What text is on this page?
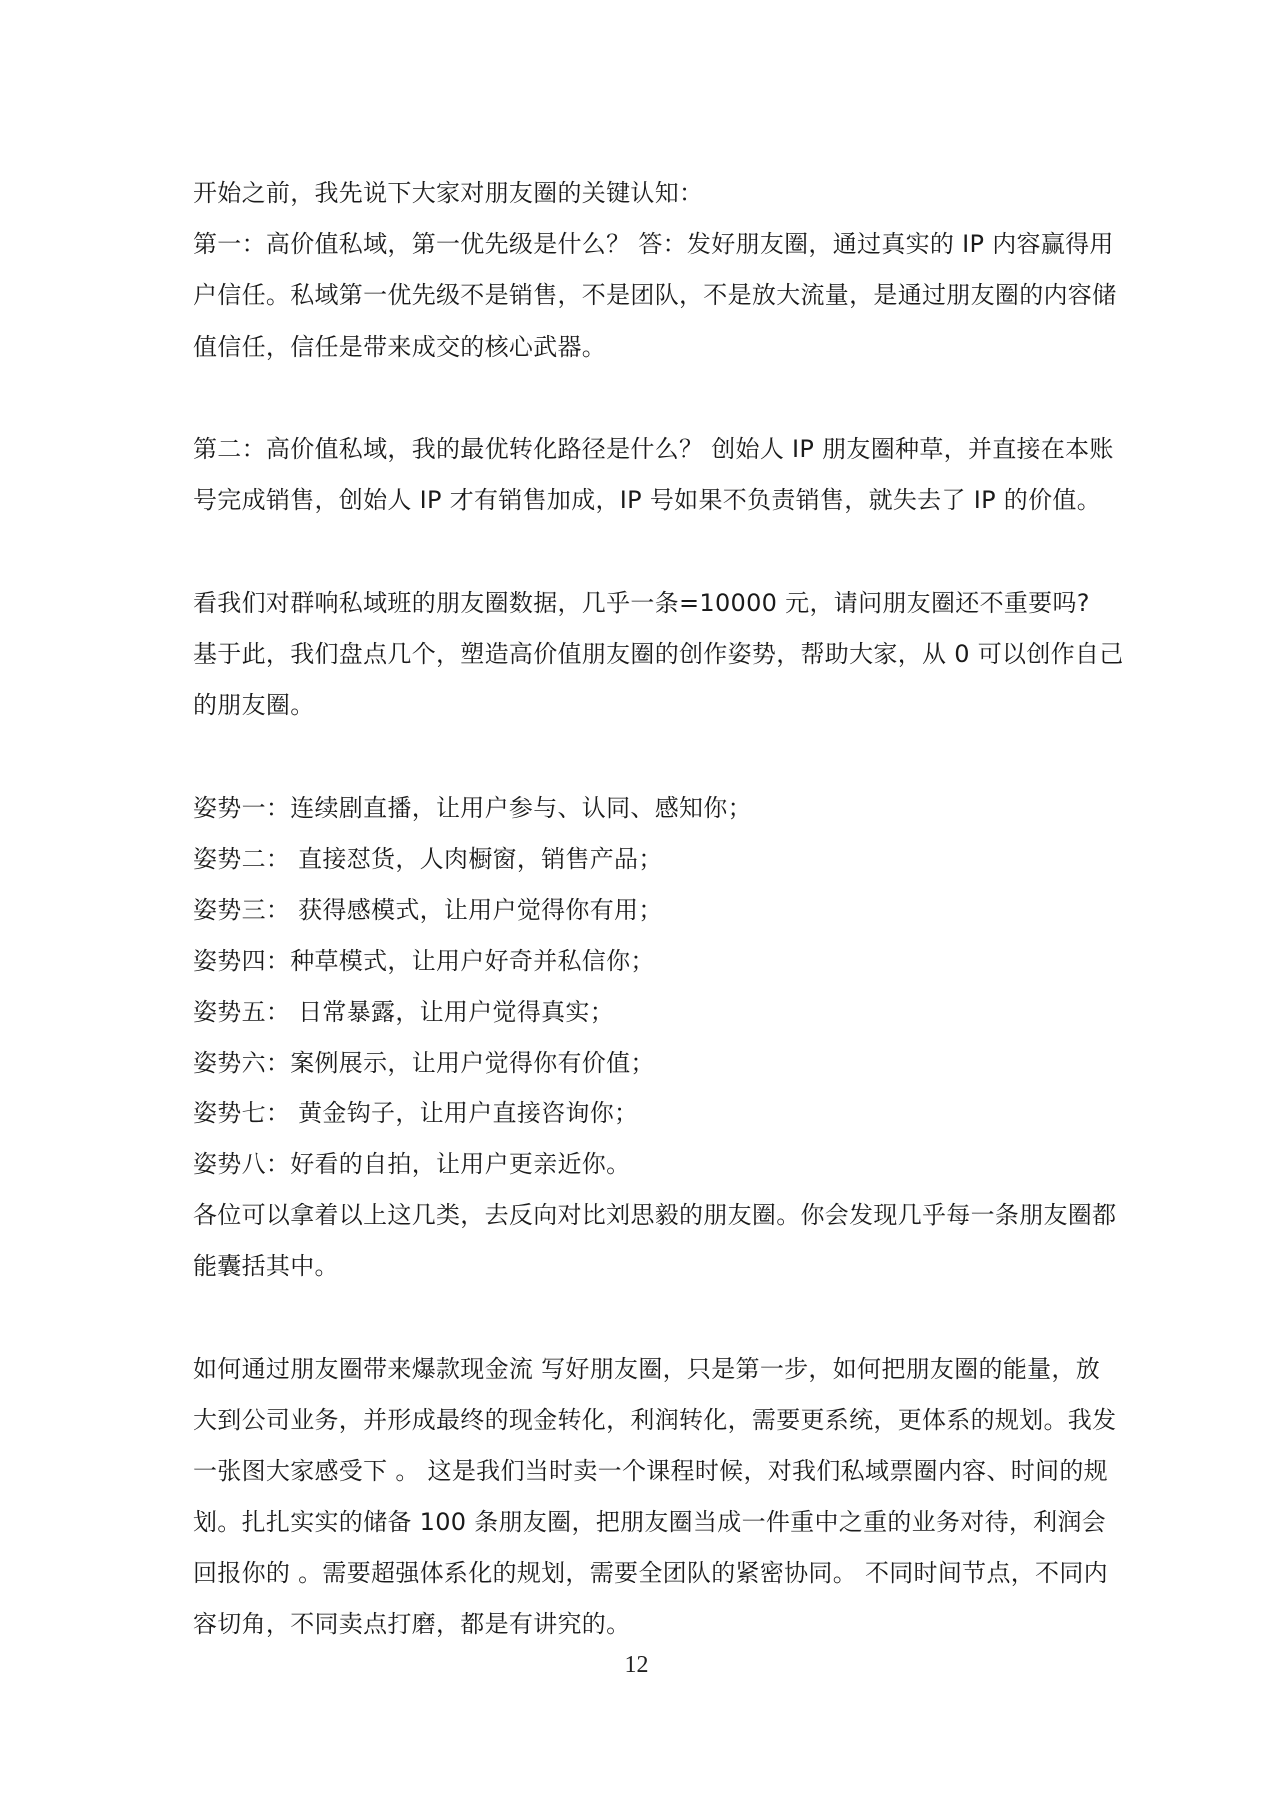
开始之前，我先说下大家对朋友圈的关键认知：
第一：高价值私域，第一优先级是什么？ 答：发好朋友圈，通过真实的 IP 内容赢得用
户信任。私域第一优先级不是销售，不是团队，不是放大流量，是通过朋友圈的内容储
值信任，信任是带来成交的核心武器。
第二：高价值私域，我的最优转化路径是什么？ 创始人 IP 朋友圈种草，并直接在本账
号完成销售，创始人 IP 才有销售加成，IP 号如果不负责销售，就失去了 IP 的价值。
看我们对群响私域班的朋友圈数据，几乎一条=10000 元，请问朋友圈还不重要吗?
基于此，我们盘点几个，塑造高价值朋友圈的创作姿势，帮助大家，从 0 可以创作自己
的朋友圈。
姿势一：连续剧直播，让用户参与、认同、感知你；
姿势二： 直接怼货，人肉橱窗，销售产品；
姿势三： 获得感模式，让用户觉得你有用；
姿势四：种草模式，让用户好奇并私信你；
姿势五： 日常暴露，让用户觉得真实；
姿势六：案例展示，让用户觉得你有价值；
姿势七： 黄金钩子，让用户直接咨询你；
姿势八：好看的自拍，让用户更亲近你。
各位可以拿着以上这几类，去反向对比刘思毅的朋友圈。你会发现几乎每一条朋友圈都
能囊括其中。
如何通过朋友圈带来爆款现金流 写好朋友圈，只是第一步，如何把朋友圈的能量，放
大到公司业务，并形成最终的现金转化，利润转化，需要更系统，更体系的规划。我发
一张图大家感受下 。 这是我们当时卖一个课程时候，对我们私域票圈内容、时间的规
划。扎扎实实的储备 100 条朋友圈，把朋友圈当成一件重中之重的业务对待，利润会
回报你的 。需要超强体系化的规划，需要全团队的紧密协同。 不同时间节点，不同内
容切角，不同卖点打磨，都是有讲究的。
12
